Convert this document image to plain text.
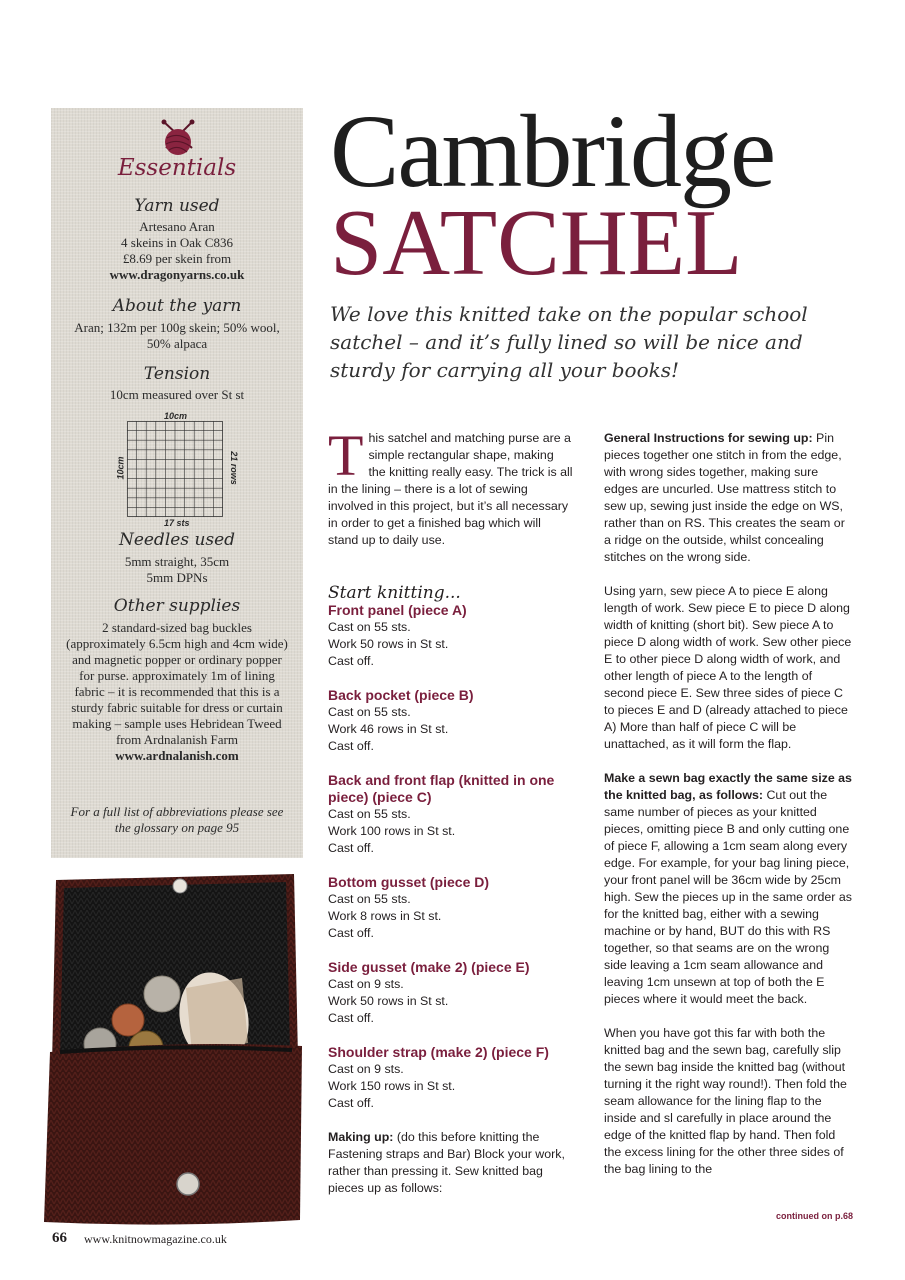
Essentials
Yarn used
Artesano Aran
4 skeins in Oak C836
£8.69 per skein from
www.dragonyarns.co.uk
About the yarn
Aran; 132m per 100g skein; 50% wool, 50% alpaca
Tension
10cm measured over St st
10cm
10cm	21 rows
17 sts
Needles used
5mm straight, 35cm
5mm DPNs
Other supplies
2 standard-sized bag buckles (approximately 6.5cm high and 4cm wide) and magnetic popper or ordinary popper for purse. approximately 1m of lining fabric – it is recommended that this is a sturdy fabric suitable for dress or curtain making – sample uses Hebridean Tweed from Ardnalanish Farm www.ardnalanish.com
For a full list of abbreviations please see the glossary on page 95
Cambridge
SATCHEL
We love this knitted take on the popular school satchel – and it’s fully lined so will be nice and sturdy for carrying all your books!

This satchel and matching purse are a simple rectangular shape, making the knitting really easy. The trick is all in the lining – there is a lot of sewing involved in this project, but it’s all necessary in order to get a finished bag which will stand up to daily use.

Start knitting...
Front panel (piece A)
Cast on 55 sts.
Work 50 rows in St st.
Cast off.
Back pocket (piece B)
Cast on 55 sts.
Work 46 rows in St st.
Cast off.
Back and front flap (knitted in one piece) (piece C)
Cast on 55 sts.
Work 100 rows in St st.
Cast off.
Bottom gusset (piece D)
Cast on 55 sts.
Work 8 rows in St st.
Cast off.
Side gusset (make 2) (piece E)
Cast on 9 sts.
Work 50 rows in St st.
Cast off.
Shoulder strap (make 2) (piece F)
Cast on 9 sts.
Work 150 rows in St st.
Cast off.

Making up: (do this before knitting the Fastening straps and Bar) Block your work, rather than pressing it. Sew knitted bag pieces up as follows:

General Instructions for sewing up: Pin pieces together one stitch in from the edge, with wrong sides together, making sure edges are uncurled. Use mattress stitch to sew up, sewing just inside the edge on WS, rather than on RS. This creates the seam or a ridge on the outside, whilst concealing stitches on the wrong side.

Using yarn, sew piece A to piece E along length of work. Sew piece E to piece D along width of knitting (short bit). Sew piece A to piece D along width of work. Sew other piece E to other piece D along width of work, and other length of piece A to the length of second piece E. Sew three sides of piece C to pieces E and D (already attached to piece A) More than half of piece C will be unattached, as it will form the flap.

Make a sewn bag exactly the same size as the knitted bag, as follows: Cut out the same number of pieces as your knitted pieces, omitting piece B and only cutting one of piece F, allowing a 1cm seam along every edge. For example, for your bag lining piece, your front panel will be 36cm wide by 25cm high. Sew the pieces up in the same order as for the knitted bag, either with a sewing machine or by hand, BUT do this with RS together, so that seams are on the wrong side leaving a 1cm seam allowance and leaving 1cm unsewn at top of both the E pieces where it would meet the back.

When you have got this far with both the knitted bag and the sewn bag, carefully slip the sewn bag inside the knitted bag (without turning it the right way round!). Then fold the seam allowance for the lining flap to the inside and sl carefully in place around the edge of the knitted flap by hand. Then fold the excess lining for the other three sides of the bag lining to the

continued on p.68
66 www.knitnowmagazine.co.uk
